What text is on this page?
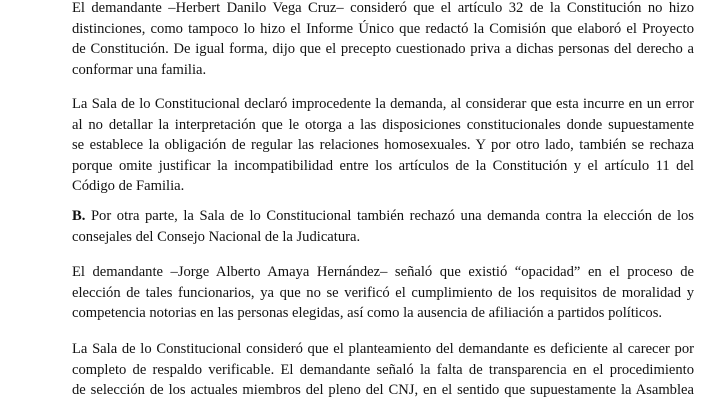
El demandante –Herbert Danilo Vega Cruz– consideró que el artículo 32 de la Constitución no hizo
distinciones, como tampoco lo hizo el Informe Único que redactó la Comisión que elaboró el Proyecto
de Constitución. De igual forma, dijo que el precepto cuestionado priva a dichas personas del derecho a
conformar una familia.
La Sala de lo Constitucional declaró improcedente la demanda, al considerar que esta incurre en un error
al no detallar la interpretación que le otorga a las disposiciones constitucionales donde supuestamente
se establece la obligación de regular las relaciones homosexuales. Y por otro lado, también se rechaza
porque omite justificar la incompatibilidad entre los artículos de la Constitución y el artículo 11 del
Código de Familia.
B. Por otra parte, la Sala de lo Constitucional también rechazó una demanda contra la elección de los
consejales del Consejo Nacional de la Judicatura.
El demandante –Jorge Alberto Amaya Hernández– señaló que existió “opacidad” en el proceso de
elección de tales funcionarios, ya que no se verificó el cumplimiento de los requisitos de moralidad y
competencia notorias en las personas elegidas, así como la ausencia de afiliación a partidos políticos.
La Sala de lo Constitucional consideró que el planteamiento del demandante es deficiente al carecer por
completo de respaldo verificable. El demandante señaló la falta de transparencia en el procedimiento
de selección de los actuales miembros del pleno del CNJ, en el sentido que supuestamente la Asamblea
